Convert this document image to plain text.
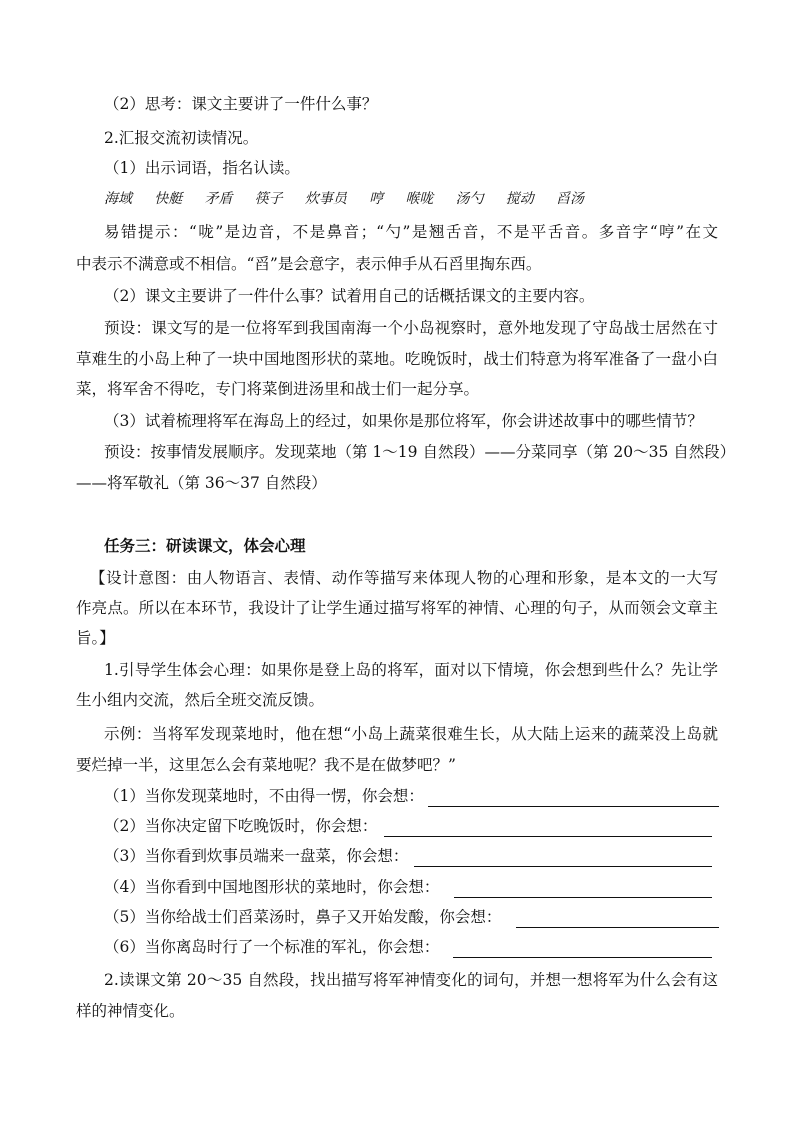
（2）思考：课文主要讲了一件什么事？
2.汇报交流初读情况。
（1）出示词语，指名认读。
海域 快艇 矛盾 筷子 炊事员 哼 喉咙 汤勺 搅动 舀汤
易错提示：“咙”是边音，不是鼻音；“勺”是翘舌音，不是平舌音。多音字“哼”在文
中表示不满意或不相信。“舀”是会意字，表示伸手从石舀里掏东西。
（2）课文主要讲了一件什么事？试着用自己的话概括课文的主要内容。
预设：课文写的是一位将军到我国南海一个小岛视察时，意外地发现了守岛战士居然在寸
草难生的小岛上种了一块中国地图形状的菜地。吃晚饭时，战士们特意为将军准备了一盘小白
菜，将军舍不得吃，专门将菜倒进汤里和战士们一起分享。
（3）试着梳理将军在海岛上的经过，如果你是那位将军，你会讲述故事中的哪些情节？
预设：按事情发展顺序。发现菜地（第 1～19 自然段）——分菜同享（第 20～35 自然段）
——将军敬礼（第 36～37 自然段）
任务三：研读课文，体会心理
【设计意图：由人物语言、表情、动作等描写来体现人物的心理和形象，是本文的一大写
作亮点。所以在本环节，我设计了让学生通过描写将军的神情、心理的句子，从而领会文章主
旨。】
1.引导学生体会心理：如果你是登上岛的将军，面对以下情境，你会想到些什么？先让学
生小组内交流，然后全班交流反馈。
示例：当将军发现菜地时，他在想“小岛上蔬菜很难生长，从大陆上运来的蔬菜没上岛就
要烂掉一半，这里怎么会有菜地呢？我不是在做梦吧？”
（1）当你发现菜地时，不由得一愣，你会想：
（2）当你决定留下吃晚饭时，你会想：
（3）当你看到炊事员端来一盘菜，你会想：
（4）当你看到中国地图形状的菜地时，你会想：
（5）当你给战士们舀菜汤时，鼻子又开始发酸，你会想：
（6）当你离岛时行了一个标准的军礼，你会想：
2.读课文第 20～35 自然段，找出描写将军神情变化的词句，并想一想将军为什么会有这
样的神情变化。
